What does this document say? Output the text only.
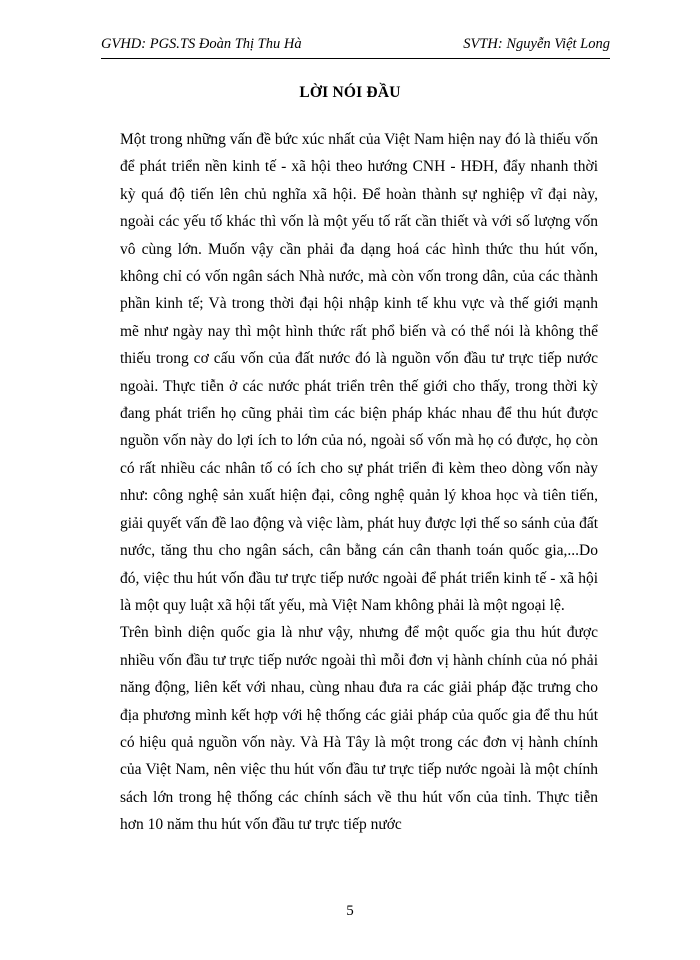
GVHD: PGS.TS Đoàn Thị Thu Hà	SVTH: Nguyễn Việt Long
LỜI NÓI ĐẦU

Một trong những vấn đề bức xúc nhất của Việt Nam hiện nay đó là thiếu vốn để phát triển nền kinh tế - xã hội theo hướng CNH - HĐH, đẩy nhanh thời kỳ quá độ tiến lên chủ nghĩa xã hội. Để hoàn thành sự nghiệp vĩ đại này, ngoài các yếu tố khác thì vốn là một yếu tố rất cần thiết và với số lượng vốn vô cùng lớn. Muốn vậy cần phải đa dạng hoá các hình thức thu hút vốn, không chỉ có vốn ngân sách Nhà nước, mà còn vốn trong dân, của các thành phần kinh tế; Và trong thời đại hội nhập kinh tế khu vực và thế giới mạnh mẽ như ngày nay thì một hình thức rất phổ biến và có thể nói là không thể thiếu trong cơ cấu vốn của đất nước đó là nguồn vốn đầu tư trực tiếp nước ngoài. Thực tiễn ở các nước phát triển trên thế giới cho thấy, trong thời kỳ đang phát triển họ cũng phải tìm các biện pháp khác nhau để thu hút được nguồn vốn này do lợi ích to lớn của nó, ngoài số vốn mà họ có được, họ còn có rất nhiều các nhân tố có ích cho sự phát triển đi kèm theo dòng vốn này như: công nghệ sản xuất hiện đại, công nghệ quản lý khoa học và tiên tiến, giải quyết vấn đề lao động và việc làm, phát huy được lợi thế so sánh của đất nước, tăng thu cho ngân sách, cân bằng cán cân thanh toán quốc gia,...Do đó, việc thu hút vốn đầu tư trực tiếp nước ngoài để phát triển kinh tế - xã hội là một quy luật xã hội tất yếu, mà Việt Nam không phải là một ngoại lệ.

Trên bình diện quốc gia là như vậy, nhưng để một quốc gia thu hút được nhiều vốn đầu tư trực tiếp nước ngoài thì mỗi đơn vị hành chính của nó phải năng động, liên kết với nhau, cùng nhau đưa ra các giải pháp đặc trưng cho địa phương mình kết hợp với hệ thống các giải pháp của quốc gia để thu hút có hiệu quả nguồn vốn này. Và Hà Tây là một trong các đơn vị hành chính của Việt Nam, nên việc thu hút vốn đầu tư trực tiếp nước ngoài là một chính sách lớn trong hệ thống các chính sách về thu hút vốn của tỉnh. Thực tiễn hơn 10 năm thu hút vốn đầu tư trực tiếp nước

5
